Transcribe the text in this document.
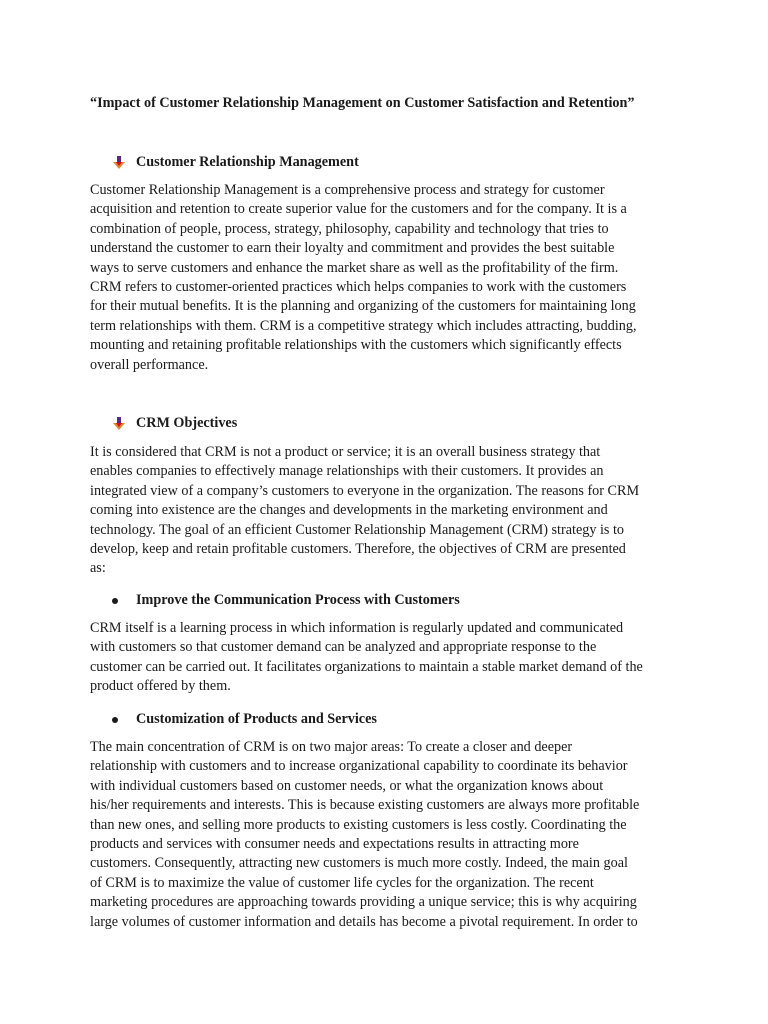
“Impact of Customer Relationship Management on Customer Satisfaction and Retention”
Customer Relationship Management
Customer Relationship Management is a comprehensive process and strategy for customer
acquisition and retention to create superior value for the customers and for the company. It is a
combination of people, process, strategy, philosophy, capability and technology that tries to
understand the customer to earn their loyalty and commitment and provides the best suitable
ways to serve customers and enhance the market share as well as the profitability of the firm.
CRM refers to customer-oriented practices which helps companies to work with the customers
for their mutual benefits. It is the planning and organizing of the customers for maintaining long
term relationships with them. CRM is a competitive strategy which includes attracting, budding,
mounting and retaining profitable relationships with the customers which significantly effects
overall performance.
CRM Objectives
It is considered that CRM is not a product or service; it is an overall business strategy that
enables companies to effectively manage relationships with their customers. It provides an
integrated view of a company’s customers to everyone in the organization. The reasons for CRM
coming into existence are the changes and developments in the marketing environment and
technology. The goal of an efficient Customer Relationship Management (CRM) strategy is to
develop, keep and retain profitable customers. Therefore, the objectives of CRM are presented
as:
Improve the Communication Process with Customers
CRM itself is a learning process in which information is regularly updated and communicated
with customers so that customer demand can be analyzed and appropriate response to the
customer can be carried out. It facilitates organizations to maintain a stable market demand of the
product offered by them.
Customization of Products and Services
The main concentration of CRM is on two major areas: To create a closer and deeper
relationship with customers and to increase organizational capability to coordinate its behavior
with individual customers based on customer needs, or what the organization knows about
his/her requirements and interests. This is because existing customers are always more profitable
than new ones, and selling more products to existing customers is less costly. Coordinating the
products and services with consumer needs and expectations results in attracting more
customers. Consequently, attracting new customers is much more costly. Indeed, the main goal
of CRM is to maximize the value of customer life cycles for the organization. The recent
marketing procedures are approaching towards providing a unique service; this is why acquiring
large volumes of customer information and details has become a pivotal requirement. In order to
